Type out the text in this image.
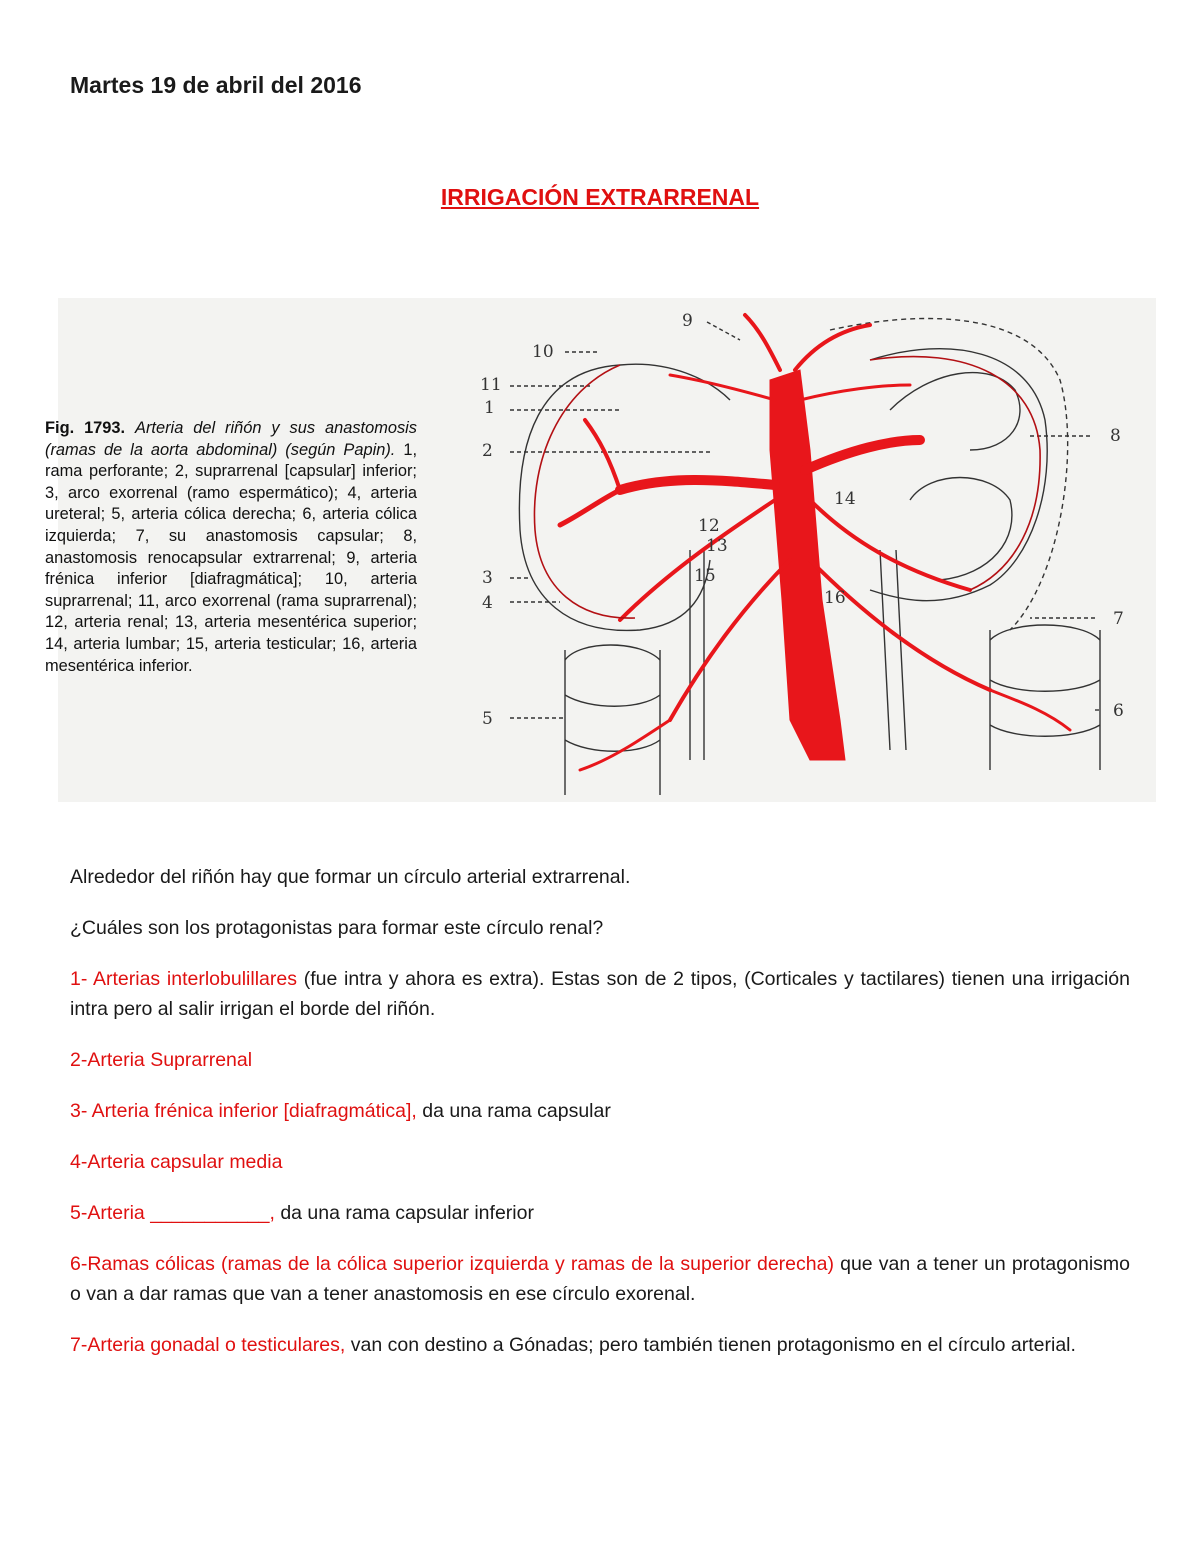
Martes 19 de abril del 2016
IRRIGACIÓN EXTRARRENAL
Fig. 1793. Arteria del riñón y sus anastomosis (ramas de la aorta abdominal) (según Papin). 1, rama perforante; 2, suprarrenal [capsular] inferior; 3, arco exorrenal (ramo espermático); 4, arteria ureteral; 5, arteria cólica derecha; 6, arteria cólica izquierda; 7, su anastomosis capsular; 8, anastomosis renocapsular extrarrenal; 9, arteria frénica inferior [diafragmática]; 10, arteria suprarrenal; 11, arco exorrenal (rama suprarrenal); 12, arteria renal; 13, arteria mesentérica superior; 14, arteria lumbar; 15, arteria testicular; 16, arteria mesentérica inferior.
9
10
11
1
2
3
4
5
8
7
6
12
13
14
15
16

Alrededor del riñón hay que formar un círculo arterial extrarrenal.

¿Cuáles son los protagonistas para formar este círculo renal?

1- Arterias interlobulillares (fue intra y ahora es extra). Estas son de 2 tipos, (Corticales y tactilares) tienen una irrigación intra pero al salir irrigan el borde del riñón.

2-Arteria Suprarrenal

3- Arteria frénica inferior [diafragmática], da una rama capsular

4-Arteria capsular media

5-Arteria ___________, da una rama capsular inferior

6-Ramas cólicas (ramas de la cólica superior izquierda y ramas de la superior derecha) que van a tener un protagonismo o van a dar ramas que van a tener anastomosis en ese círculo exorenal.

7-Arteria gonadal o testiculares, van con destino a Gónadas; pero también tienen protagonismo en el círculo arterial.
